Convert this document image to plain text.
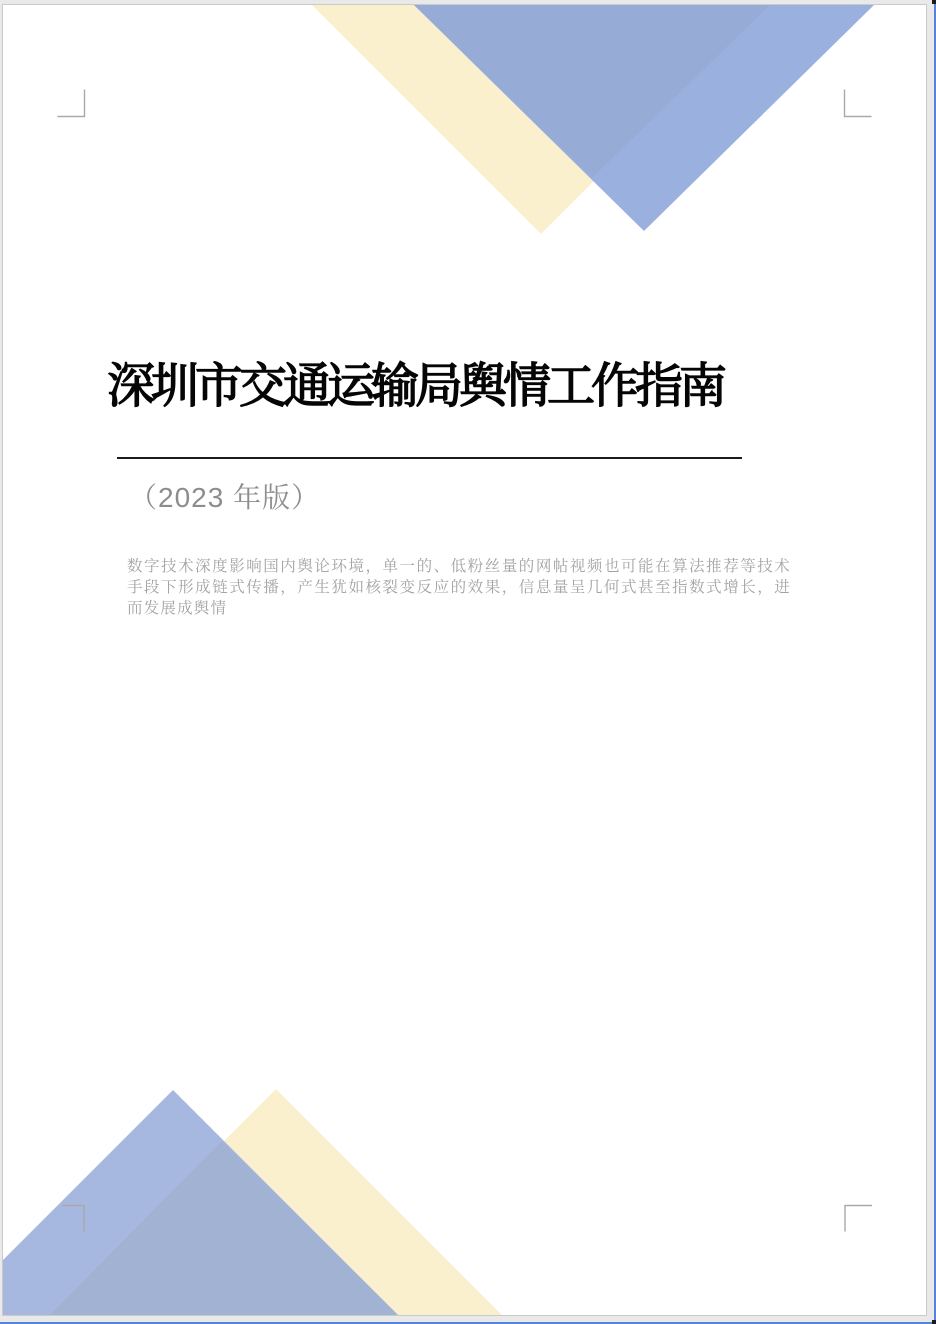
深圳市交通运输局舆情工作指南
（2023 年版）

数字技术深度影响国内舆论环境，单一的、低粉丝量的网帖视频也可能在算法推荐等技术手段下形成链式传播，产生犹如核裂变反应的效果，信息量呈几何式甚至指数式增长，进而发展成舆情
